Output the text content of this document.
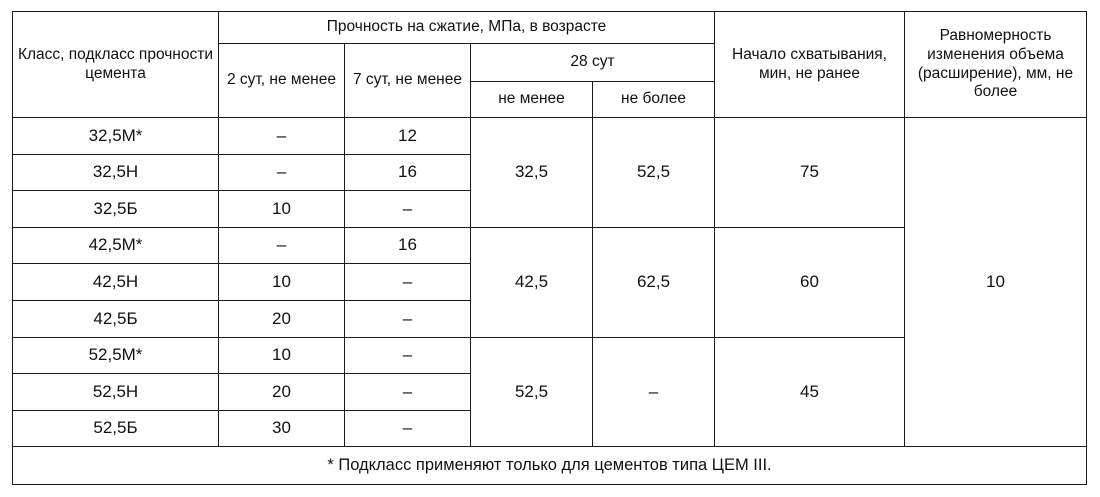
Класс, подкласс прочности цемента	Прочность на сжатие, МПа, в возрасте				Начало схватывания, мин, не ранее	Равномерность изменения объема (расширение), мм, не более
	2 сут, не менее	7 сут, не менее	28 сут			
			не менее	не более		
32,5М*	–	12	32,5	52,5	75	10
32,5Н	–	16				
32,5Б	10	–				
42,5М*	–	16	42,5	62,5	60	
42,5Н	10	–				
42,5Б	20	–				
52,5М*	10	–	52,5	–	45	
52,5Н	20	–				
52,5Б	30	–				
* Подкласс применяют только для цементов типа ЦЕМ III.						
